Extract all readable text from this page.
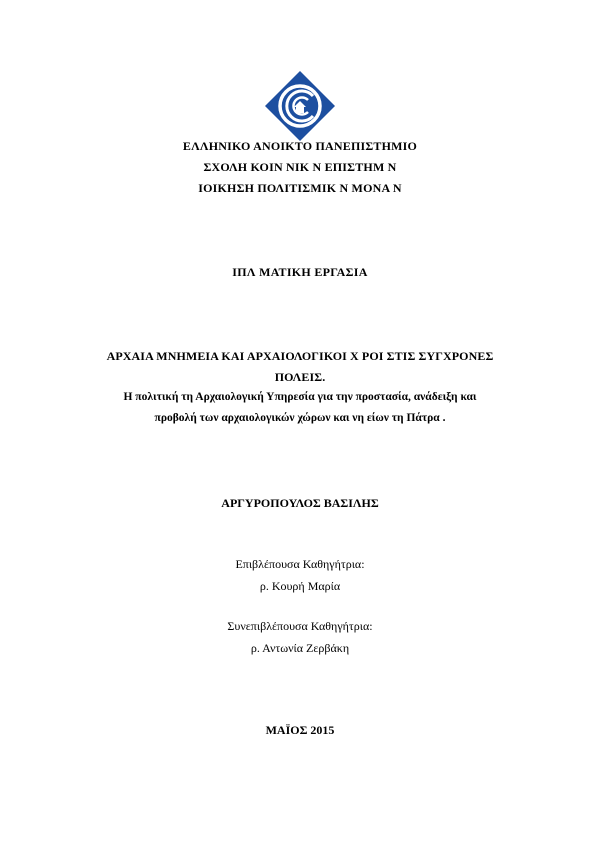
ΕΛΛΗΝΙΚΟ ΑΝΟΙΚΤΟ ΠΑΝΕΠΙΣΤΗΜΙΟ
ΣΧΟΛΗ ΚΟΙΝ ΝΙΚ Ν ΕΠΙΣΤΗΜ Ν
ΙΟΙΚΗΣΗ ΠΟΛΙΤΙΣΜΙΚ Ν ΜΟΝΑ Ν
ΙΠΛ ΜΑΤΙΚΗ ΕΡΓΑΣΙΑ
ΑΡΧΑΙΑ ΜΝΗΜΕΙΑ ΚΑΙ ΑΡΧΑΙΟΛΟΓΙΚΟΙ Χ ΡΟΙ ΣΤΙΣ ΣΥΓΧΡΟΝΕΣ
ΠΟΛΕΙΣ.
Η πολιτική τη Αρχαιολογική Υπηρεσία για την προστασία, ανάδειξη και
προβολή των αρχαιολογικών χώρων και νη είων τη Πάτρα .
ΑΡΓΥΡΟΠΟΥΛΟΣ ΒΑΣΙΛΗΣ
Επιβλέπουσα Καθηγήτρια:
ρ. Κουρή Μαρία
Συνεπιβλέπουσα Καθηγήτρια:
ρ. Αντωνία Ζερβάκη
ΜΑΪΟΣ 2015
